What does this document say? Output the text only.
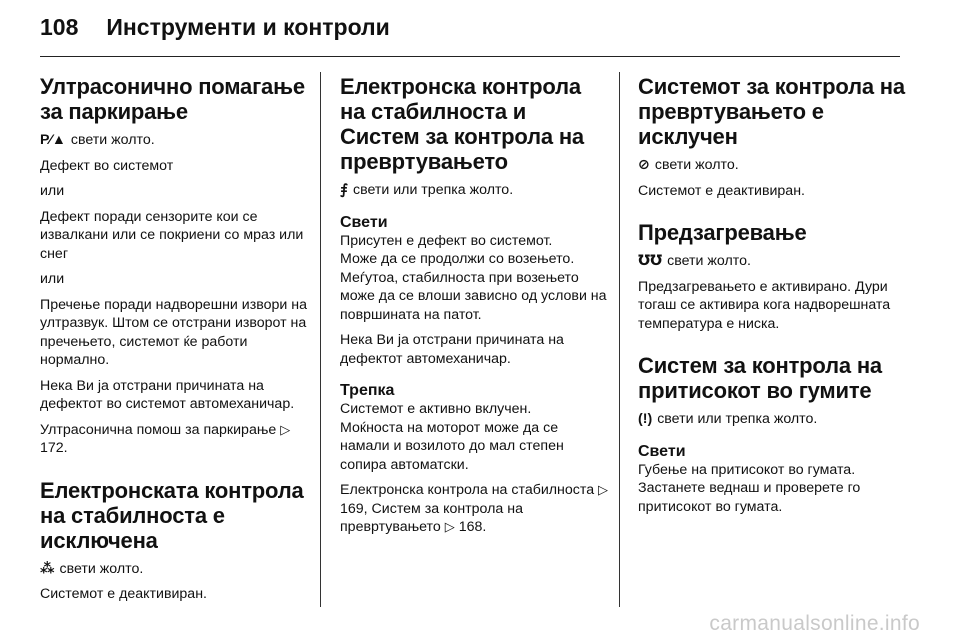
108 Инструменти и контроли
Ултрасонично помагање за паркирање

P⁄▲ свети жолто.

Дефект во системот

или

Дефект поради сензорите кои се извалкани или се покриени со мраз или снег

или

Пречење поради надворешни извори на ултразвук. Штом се отстрани изворот на пречењето, системот ќе работи нормално.

Нека Ви ја отстрани причината на дефектот во системот автомеханичар.

Ултрасонична помош за паркирање ▷ 172.

Електронската контрола на стабилноста е исключена

⁂ свети жолто.

Системот е деактивиран.

Електронска контрола на стабилноста и Систем за контрола на превртувањето

⨎ свети или трепка жолто.

Свети

Присутен е дефект во системот.

Може да се продолжи со возењето. Меѓутоа, стабилноста при возењето може да се влоши зависно од услови на површината на патот.

Нека Ви ја отстрани причината на дефектот автомеханичар.

Трепка

Системот е активно вклучен.

Моќноста на моторот може да се намали и возилото до мал степен сопира автоматски.

Електронска контрола на стабилноста ▷ 169, Систем за контрола на превртувањето ▷ 168.

Системот за контрола на превртувањето е исклучен

⊘ свети жолто.

Системот е деактивиран.

Предзагревање

℧℧ свети жолто.

Предзагревањето е активирано. Дури тогаш се активира кога надворешната температура е ниска.

Систем за контрола на притисокот во гумите

(!) свети или трепка жолто.

Свети

Губење на притисокот во гумата. Застанете веднаш и проверете го притисокот во гумата.

carmanualsonline.info
